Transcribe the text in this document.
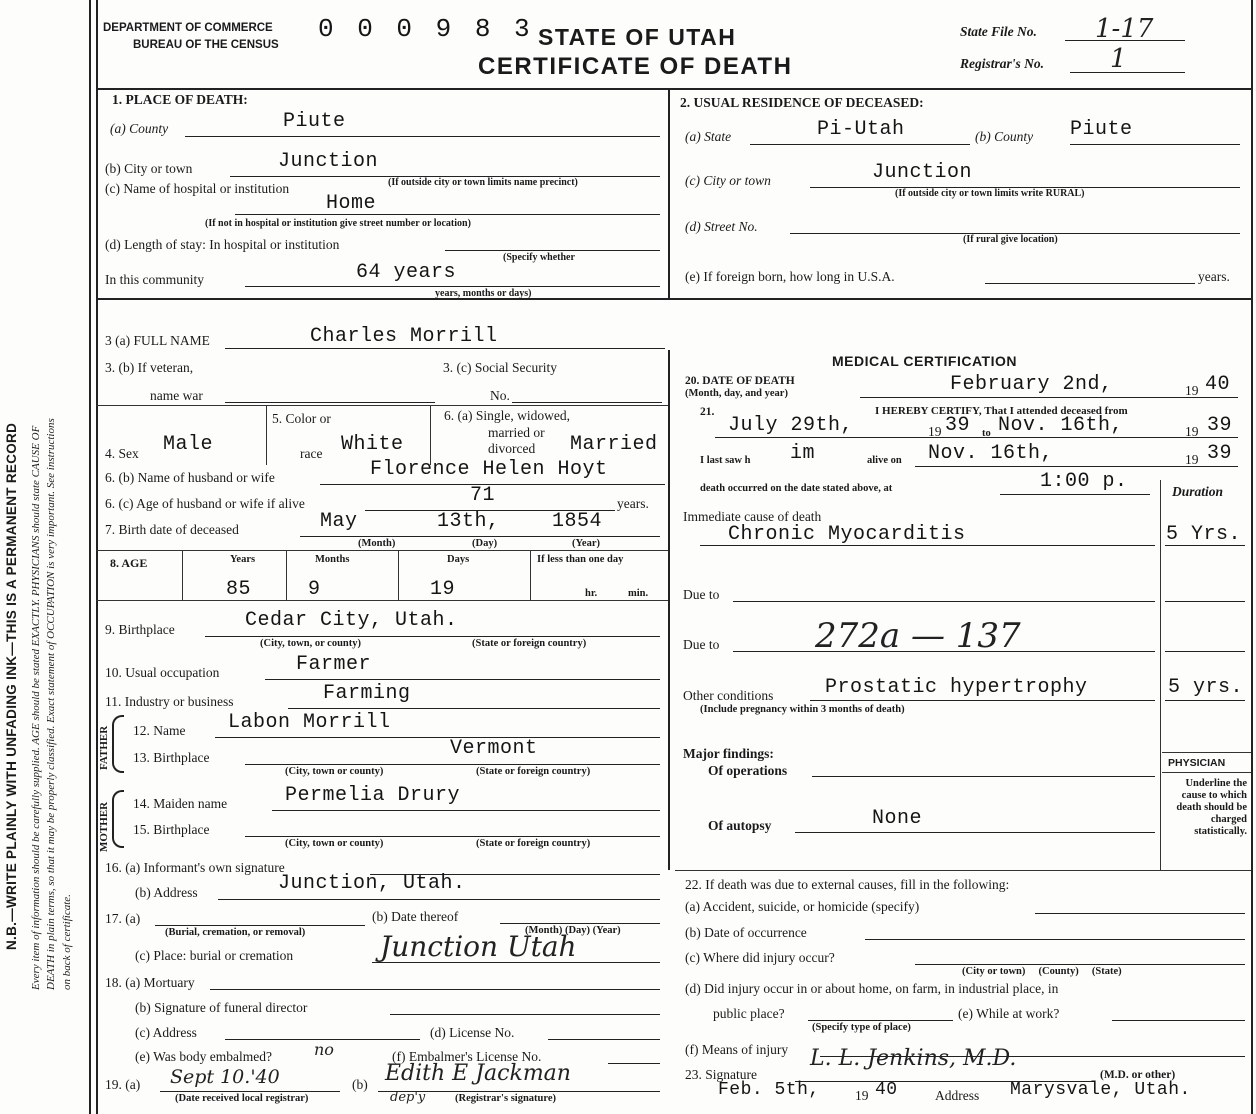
N.B.—WRITE PLAINLY WITH UNFADING INK—THIS IS A PERMANENT RECORD Every item of information should be carefully supplied. AGE should be stated EXACTLY. PHYSICIANS should state CAUSE OF DEATH in plain terms, so that it may be properly classified. Exact statement of OCCUPATION is very important. See instructions on back of certificate.
DEPARTMENT OF COMMERCE
BUREAU OF THE CENSUS
0 0 0 9 8 3 STATE OF UTAH
CERTIFICATE OF DEATH
State File No. 1-17
Registrar's No.	1
1. PLACE OF DEATH:
(a) County	Piute
(b) City or town	Junction
(c) Name of hospital or institution	(If outside city or town limits name precinct)
Home
(If not in hospital or institution give street number or location)
(d) Length of stay: In hospital or institution
(Specify whether
In this community	64 years
years, months or days)
2. USUAL RESIDENCE OF DECEASED:
(a) State	Pi-Utah	(b) County Piute
(c) City or town	Junction
(If outside city or town limits write RURAL)
(d) Street No.
(If rural give location)
(e) If foreign born, how long in U.S.A.	years.
3 (a) FULL NAME	Charles Morrill
3. (b) If veteran,
name war
3. (c) Social Security
No.
4. Sex Male
5. Color or
race White
6. (a) Single, widowed,
married or
divorced Married
6. (b) Name of husband or wife	Florence Helen Hoyt
6. (c) Age of husband or wife if alive	71	years.
7. Birth date of deceased	May	13th,	1854
(Month)	(Day)	(Year)
8. AGE	Years	Months	Days	If less than one day
85	9	19	hr.	min.
9. Birthplace	Cedar City, Utah.
(City, town, or county)	(State or foreign country)
10. Usual occupation	Farmer
11. Industry or business	Farming
FATHER 12. Name Labon Morrill
13. Birthplace	Vermont
(City, town or county)	(State or foreign country)
MOTHER 14. Maiden name	Permelia Drury
15. Birthplace
(City, town or county)	(State or foreign country)
16. (a) Informant's own signature
(b) Address	Junction, Utah.
17. (a)
(Burial, cremation, or removal)
(b) Date thereof
(Month) (Day) (Year)
(c) Place: burial or cremation	Junction Utah
18. (a) Mortuary
(b) Signature of funeral director
(c) Address	(d) License No.
(e) Was body embalmed?	no	(f) Embalmer's License No.
19. (a) Sept 10.'40
(Date received local registrar)
(b) Edith E Jackman
dep'y	(Registrar's signature)
MEDICAL CERTIFICATION
20. DATE OF DEATH
(Month, day, and year)	February 2nd,	19 40
21.	I HEREBY CERTIFY, That I attended deceased from
July 29th,	19 39 to Nov. 16th,	19 39
I last saw h im	alive on Nov. 16th,	19 39
death occurred on the date stated above, at	1:00 p.	Duration
Immediate cause of death
Chronic Myocarditis	5 Yrs.
Due to
Due to	272a — 137
Other conditions
(Include pregnancy within 3 months of death)
Prostatic hypertrophy	5 yrs.
Major findings:
Of operations
Of autopsy	None
PHYSICIAN
Underline the cause to which death should be charged statistically.
22. If death was due to external causes, fill in the following:
(a) Accident, suicide, or homicide (specify)
(b) Date of occurrence
(c) Where did injury occur?
(City or town)     (County)     (State)
(d) Did injury occur in or about home, on farm, in industrial place, in
public place?
(Specify type of place)
(e) While at work?
(f) Means of injury
23. Signature
L. L. Jenkins, M.D.
(M.D. or other)
Feb. 5th,	19 40	Address Marysvale, Utah.
